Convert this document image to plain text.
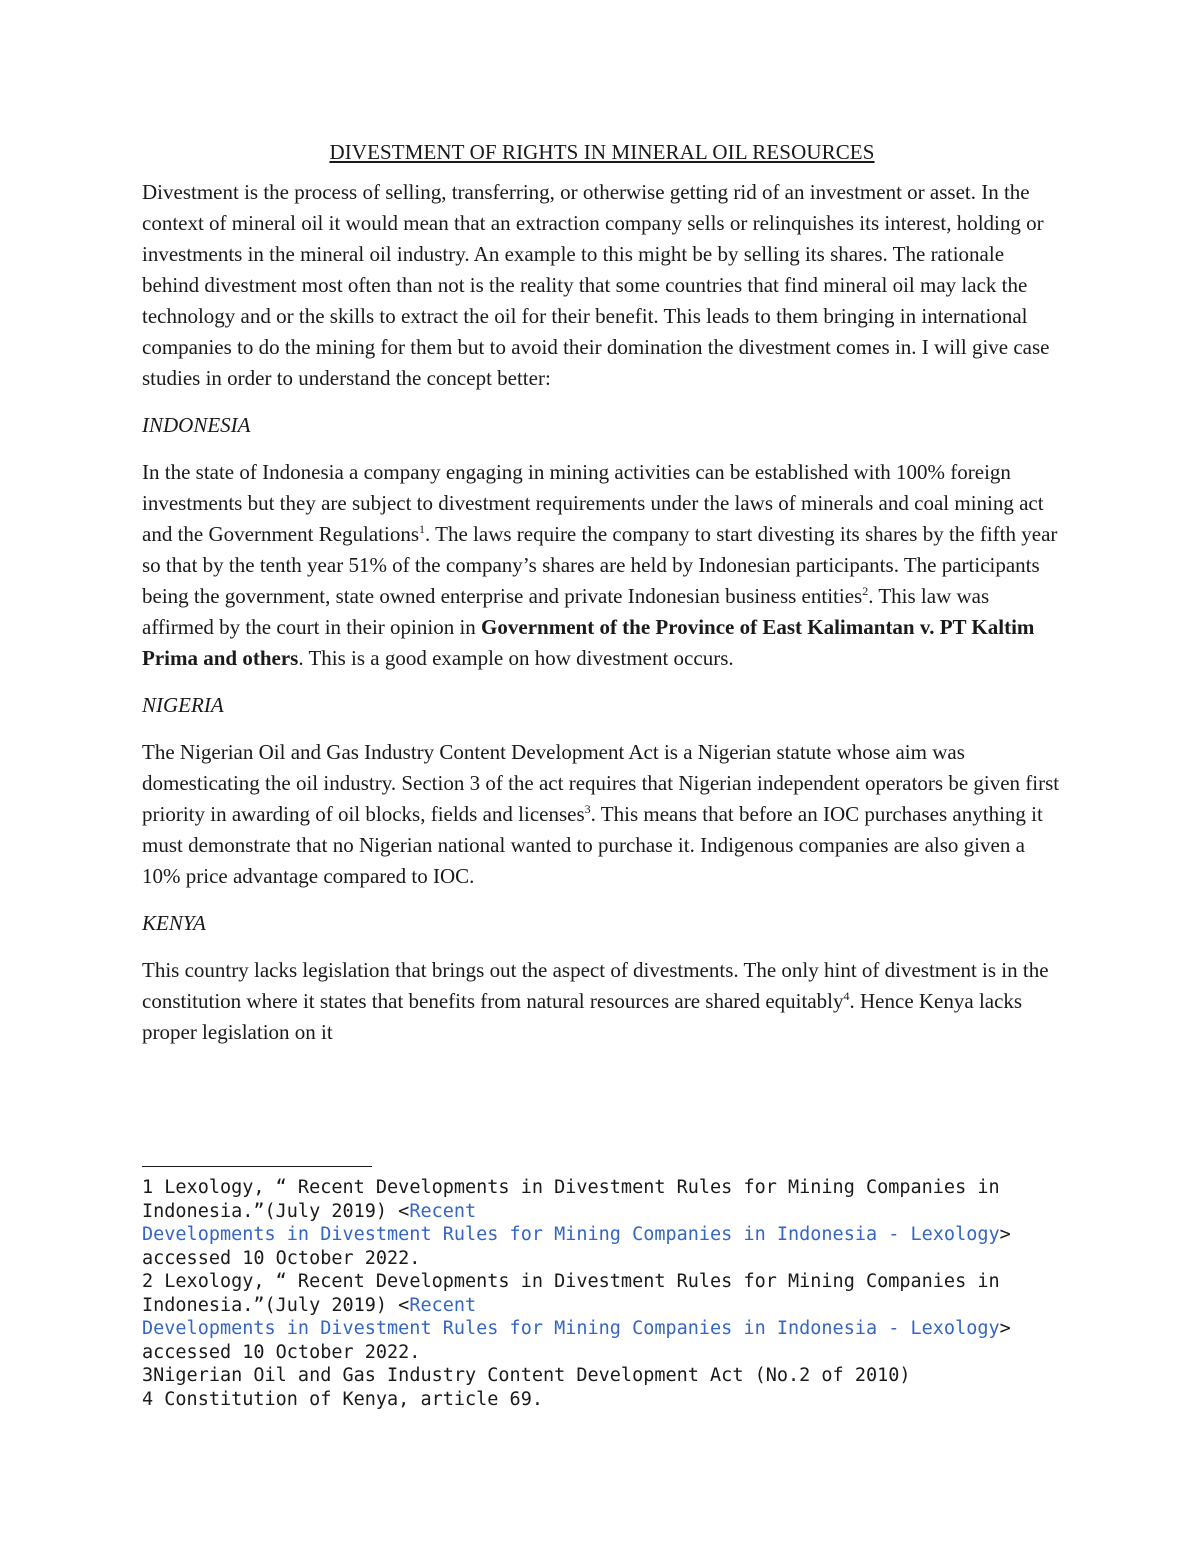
DIVESTMENT OF RIGHTS IN MINERAL OIL RESOURCES

Divestment is the process of selling, transferring, or otherwise getting rid of an investment or asset. In the context of mineral oil it would mean that an extraction company sells or relinquishes its interest, holding or investments in the mineral oil industry. An example to this might be by selling its shares. The rationale behind divestment most often than not is the reality that some countries that find mineral oil may lack the technology and or the skills to extract the oil for their benefit. This leads to them bringing in international companies to do the mining for them but to avoid their domination the divestment comes in. I will give case studies in order to understand the concept better:

INDONESIA

In the state of Indonesia a company engaging in mining activities can be established with 100% foreign investments but they are subject to divestment requirements under the laws of minerals and coal mining act and the Government Regulations$^1$. The laws require the company to start divesting its shares by the fifth year so that by the tenth year 51% of the company’s shares are held by Indonesian participants. The participants being the government, state owned enterprise and private Indonesian business entities$^2$. This law was affirmed by the court in their opinion in Government of the Province of East Kalimantan v. PT Kaltim Prima and others. This is a good example on how divestment occurs.

NIGERIA

The Nigerian Oil and Gas Industry Content Development Act is a Nigerian statute whose aim was domesticating the oil industry. Section 3 of the act requires that Nigerian independent operators be given first priority in awarding of oil blocks, fields and licenses$^3$. This means that before an IOC purchases anything it must demonstrate that no Nigerian national wanted to purchase it. Indigenous companies are also given a 10% price advantage compared to IOC.

KENYA

This country lacks legislation that brings out the aspect of divestments. The only hint of divestment is in the constitution where it states that benefits from natural resources are shared equitably$^4$. Hence Kenya lacks proper legislation on it

1 Lexology, “ Recent Developments in Divestment Rules for Mining Companies in Indonesia.”(July 2019) <Recent
Developments in Divestment Rules for Mining Companies in Indonesia - Lexology>
accessed 10 October 2022.

2 Lexology, “ Recent Developments in Divestment Rules for Mining Companies in Indonesia.”(July 2019) <Recent
Developments in Divestment Rules for Mining Companies in Indonesia - Lexology>
accessed 10 October 2022.

3Nigerian Oil and Gas Industry Content Development Act (No.2 of 2010)

4 Constitution of Kenya, article 69.
